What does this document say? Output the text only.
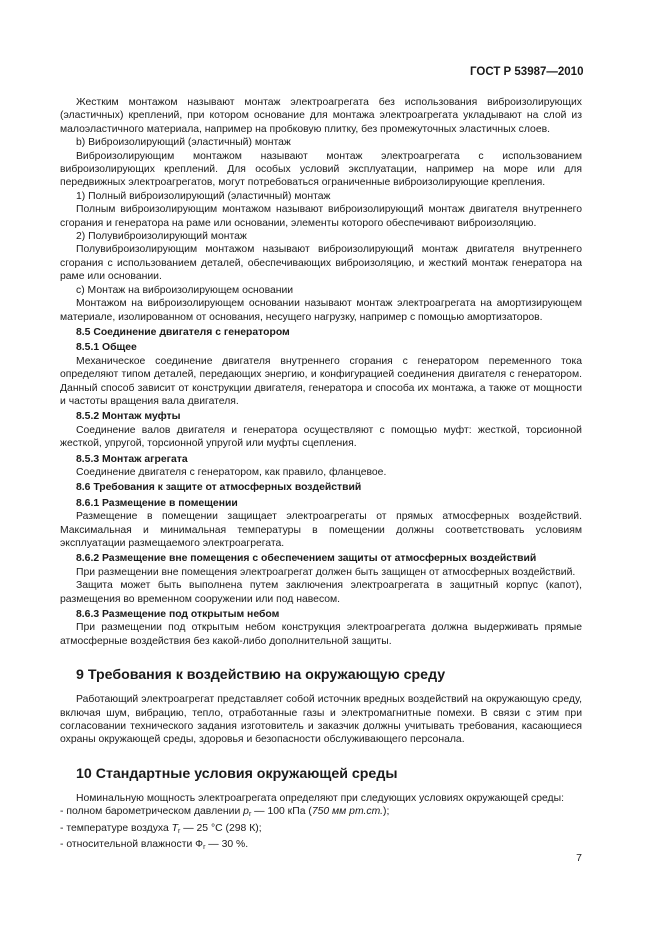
ГОСТ Р 53987—2010
Жестким монтажом называют монтаж электроагрегата без использования виброизолирующих (эластичных) креплений, при котором основание для монтажа электроагрегата укладывают на слой из малоэластичного материала, например на пробковую плитку, без промежуточных эластичных слоев.
b) Виброизолирующий (эластичный) монтаж
Виброизолирующим монтажом называют монтаж электроагрегата с использованием виброизолирующих креплений. Для особых условий эксплуатации, например на море или для передвижных электроагрегатов, могут потребоваться ограниченные виброизолирующие крепления.
1) Полный виброизолирующий (эластичный) монтаж
Полным виброизолирующим монтажом называют виброизолирующий монтаж двигателя внутреннего сгорания и генератора на раме или основании, элементы которого обеспечивают виброизоляцию.
2) Полувиброизолирующий монтаж
Полувиброизолирующим монтажом называют виброизолирующий монтаж двигателя внутреннего сгорания с использованием деталей, обеспечивающих виброизоляцию, и жесткий монтаж генератора на раме или основании.
c) Монтаж на виброизолирующем основании
Монтажом на виброизолирующем основании называют монтаж электроагрегата на амортизирующем материале, изолированном от основания, несущего нагрузку, например с помощью амортизаторов.
8.5 Соединение двигателя с генератором
8.5.1 Общее
Механическое соединение двигателя внутреннего сгорания с генератором переменного тока определяют типом деталей, передающих энергию, и конфигурацией соединения двигателя с генератором. Данный способ зависит от конструкции двигателя, генератора и способа их монтажа, а также от мощности и частоты вращения вала двигателя.
8.5.2 Монтаж муфты
Соединение валов двигателя и генератора осуществляют с помощью муфт: жесткой, торсионной жесткой, упругой, торсионной упругой или муфты сцепления.
8.5.3 Монтаж агрегата
Соединение двигателя с генератором, как правило, фланцевое.
8.6 Требования к защите от атмосферных воздействий
8.6.1 Размещение в помещении
Размещение в помещении защищает электроагрегаты от прямых атмосферных воздействий. Максимальная и минимальная температуры в помещении должны соответствовать условиям эксплуатации размещаемого электроагрегата.
8.6.2 Размещение вне помещения с обеспечением защиты от атмосферных воздействий
При размещении вне помещения электроагрегат должен быть защищен от атмосферных воздействий.
Защита может быть выполнена путем заключения электроагрегата в защитный корпус (капот), размещения во временном сооружении или под навесом.
8.6.3 Размещение под открытым небом
При размещении под открытым небом конструкция электроагрегата должна выдерживать прямые атмосферные воздействия без какой-либо дополнительной защиты.
9 Требования к воздействию на окружающую среду
Работающий электроагрегат представляет собой источник вредных воздействий на окружающую среду, включая шум, вибрацию, тепло, отработанные газы и электромагнитные помехи. В связи с этим при согласовании технического задания изготовитель и заказчик должны учитывать требования, касающиеся охраны окружающей среды, здоровья и безопасности обслуживающего персонала.
10 Стандартные условия окружающей среды
Номинальную мощность электроагрегата определяют при следующих условиях окружающей среды:
- полном барометрическом давлении $p_r$ — 100 кПа (750 мм рт.ст.);
- температуре воздуха $T_r$ — 25 °С (298 К);
- относительной влажности $Ф_r$ — 30 %.
7
